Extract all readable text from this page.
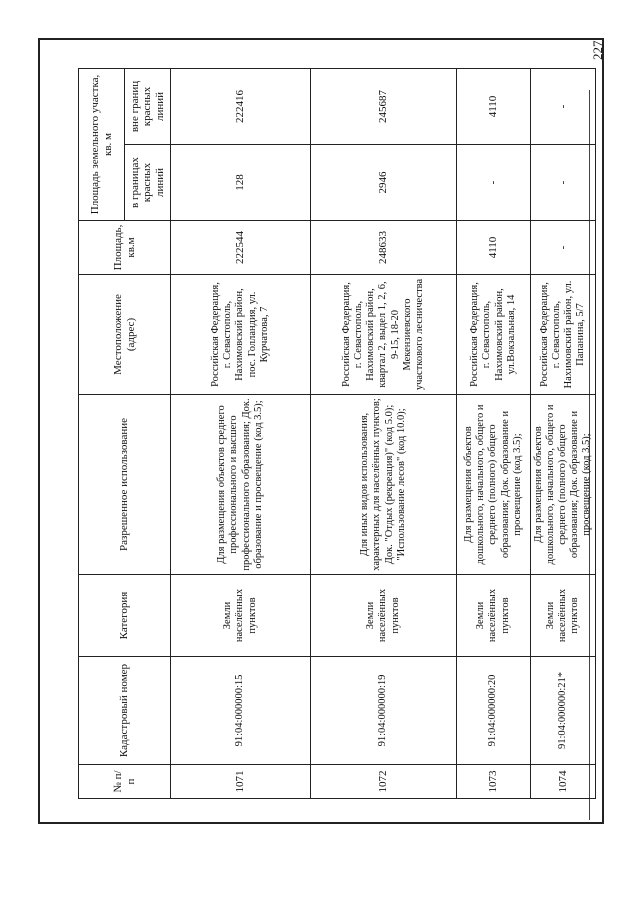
227
№ п/п	Кадастровый номер	Категория	Разрешенное использование	Местоположение (адрес)	Площадь, кв.м	Площадь земельного участка, кв. м	
						в границах красных линий	вне границ красных линий
1071	91:04:000000:15	Земли населённых пунктов	Для размещения объектов среднего профессионального и высшего профессионального образования; Док. образование и просвещение (код 3.5);	Российская Федерация, г. Севастополь, Нахимовский район, пос. Голландия, ул. Курчатова, 7	222544	128	222416
1072	91:04:000000:19	Земли населённых пунктов	Для иных видов использования, характерных для населённых пунктов; Док. "Отдых (рекреация)" (код 5.0); "Использование лесов" (код 10.0);	Российская Федерация, г. Севастополь, Нахимовский район, квартал 2, выдел 1, 2, 6, 9-15, 18-20 Мекензиевского участкового лесничества	248633	2946	245687
1073	91:04:000000:20	Земли населённых пунктов	Для размещения объектов дошкольного, начального, общего и среднего (полного) общего образования; Док. образование и просвещение (код 3.5);	Российская Федерация, г. Севастополь, Нахимовский район, ул.Вокзальная, 14	4110	-	4110
1074	91:04:000000:21*	Земли населённых пунктов	Для размещения объектов дошкольного, начального, общего и среднего (полного) общего образования; Док. образование и просвещение (код 3.5);	Российская Федерация, г. Севастополь, Нахимовский район, ул. Папанина, 5/7	-	-	-
